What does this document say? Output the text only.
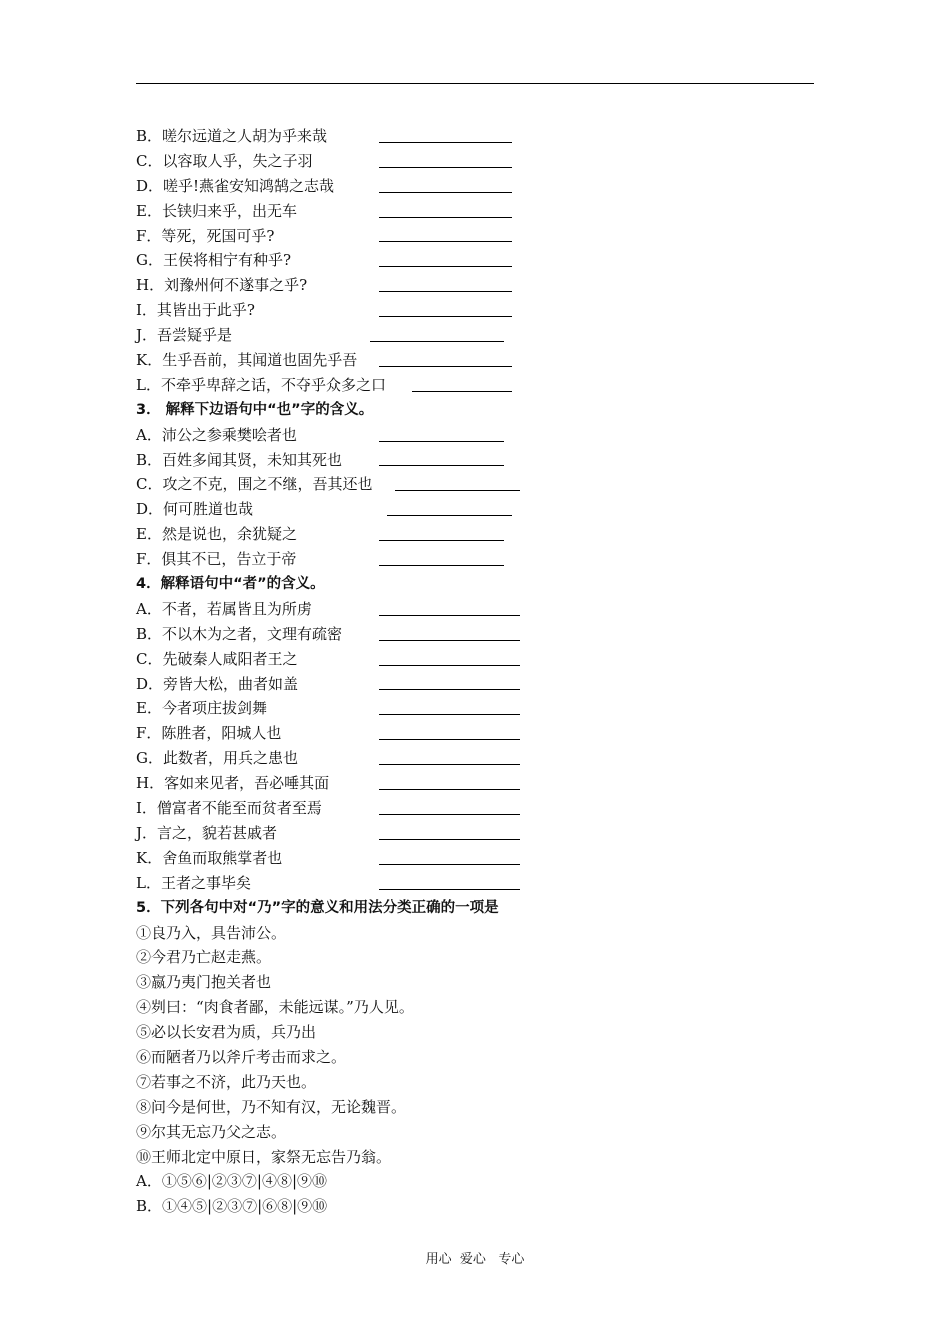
B．嗟尔远道之人胡为乎来哉
C．以容取人乎，失之子羽
D．嗟乎!燕雀安知鸿鹄之志哉
E．长铗归来乎，出无车
F．等死，死国可乎?
G．王侯将相宁有种乎?
H．刘豫州何不遂事之乎?
I．其皆出于此乎?
J．吾尝疑乎是
K．生乎吾前，其闻道也固先乎吾
L．不牵乎卑辞之话，不夺乎众多之口
3． 解释下边语句中“也”字的含义。
A．沛公之参乘樊哙者也
B．百姓多闻其贤，未知其死也
C．攻之不克，围之不继，吾其还也
D．何可胜道也哉
E．然是说也，余犹疑之
F．俱其不已，告立于帝
4．解释语句中“者”的含义。
A．不者，若属皆且为所虏
B．不以木为之者，文理有疏密
C．先破秦人咸阳者王之
D．旁皆大松，曲者如盖
E．今者项庄拔剑舞
F．陈胜者，阳城人也
G．此数者，用兵之患也
H．客如来见者，吾必唾其面
I．僧富者不能至而贫者至焉
J．言之，貌若甚戚者
K．舍鱼而取熊掌者也
L．王者之事毕矣
5．下列各句中对“乃”字的意义和用法分类正确的一项是
①良乃入，具告沛公。
②今君乃亡赵走燕。
③嬴乃夷门抱关者也
④刿曰：“肉食者鄙，未能远谋。”乃人见。
⑤必以长安君为质，兵乃出
⑥而陋者乃以斧斤考击而求之。
⑦若事之不济，此乃天也。
⑧问今是何世，乃不知有汉，无论魏晋。
⑨尔其无忘乃父之志。
⑩王师北定中原日，家祭无忘告乃翁。
A．①⑤⑥|②③⑦|④⑧|⑨⑩
B．①④⑤|②③⑦|⑥⑧|⑨⑩
用心  爱心   专心
